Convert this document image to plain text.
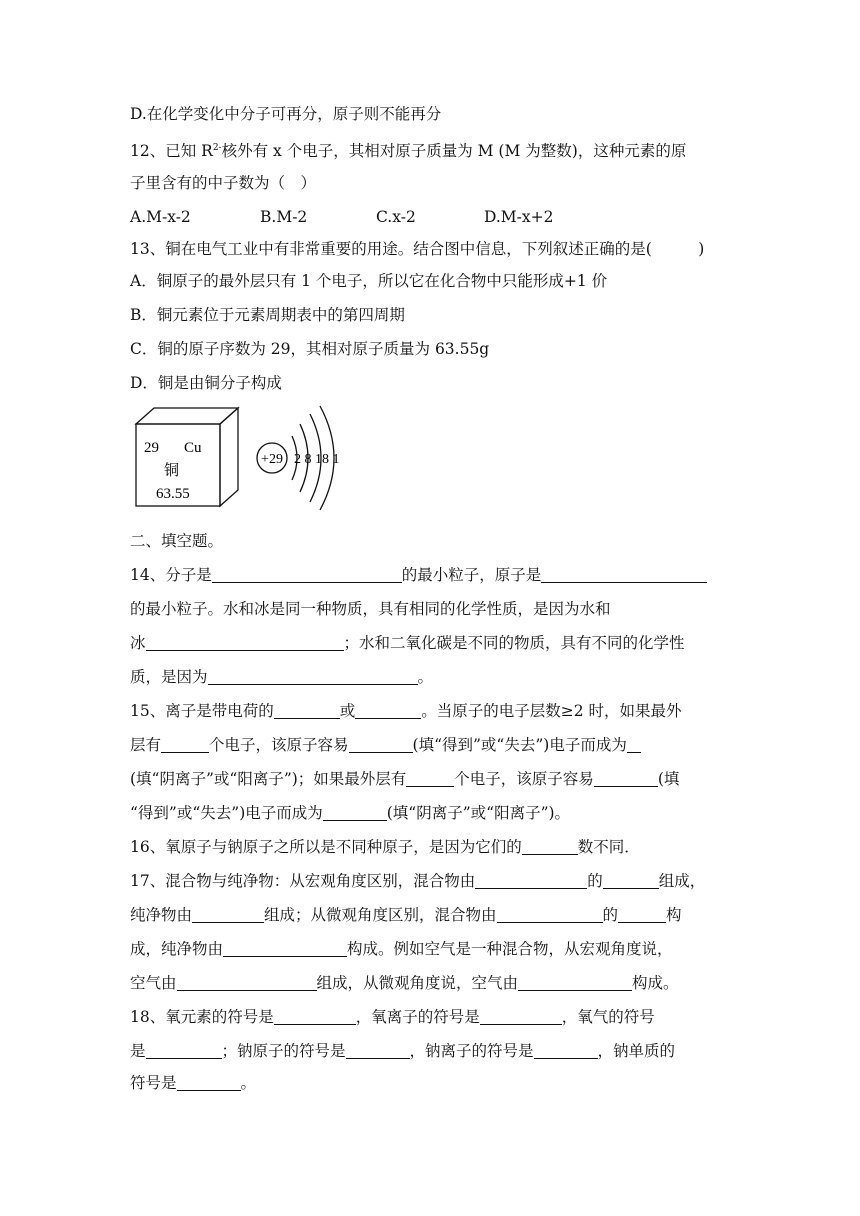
D.在化学变化中分子可再分，原子则不能再分
12、已知 $R^{2-}$核外有 x 个电子，其相对原子质量为 M (M 为整数)，这种元素的原
子里含有的中子数为（　）
A.M-x-2	B.M-2	C.x-2	D.M-x+2
13、铜在电气工业中有非常重要的用途。结合图中信息，下列叙述正确的是(　　　)
A．铜原子的最外层只有 1 个电子，所以它在化合物中只能形成+1 价
B．铜元素位于元素周期表中的第四周期
C．铜的原子序数为 29，其相对原子质量为 63.55g
D．铜是由铜分子构成
29 Cu
铜
63.55
+29 2 8 18 1
二、填空题。
14、分子是	的最小粒子，原子是
的最小粒子。水和冰是同一种物质，具有相同的化学性质，是因为水和
冰	；水和二氧化碳是不同的物质，具有不同的化学性
质，是因为	。
15、离子是带电荷的	或	。当原子的电子层数≥2 时，如果最外
层有	个电子，该原子容易	(填“得到”或“失去”)电子而成为
(填“阴离子”或“阳离子”)；如果最外层有	个电子，该原子容易	(填
“得到”或“失去”)电子而成为	(填“阴离子”或“阳离子”)。
16、氧原子与钠原子之所以是不同种原子，是因为它们的	数不同．
17、混合物与纯净物：从宏观角度区别，混合物由	的	组成，
纯净物由	组成；从微观角度区别，混合物由	的	构
成，纯净物由	构成。例如空气是一种混合物，从宏观角度说，
空气由	组成，从微观角度说，空气由	构成。
18、氧元素的符号是	，氧离子的符号是	，氧气的符号
是	；钠原子的符号是	，钠离子的符号是	，钠单质的
符号是	。
